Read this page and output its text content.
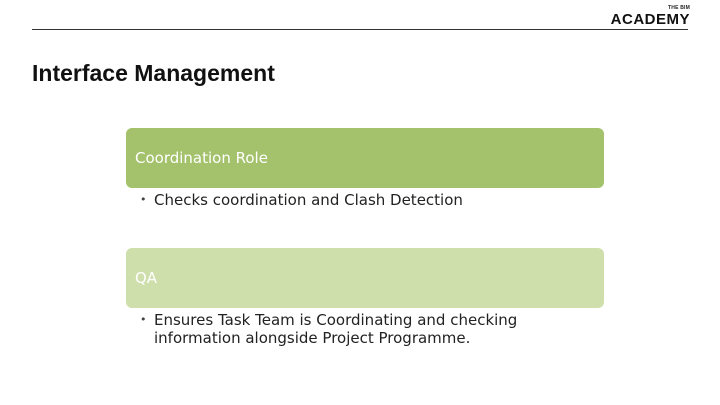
THE BIM
ACADEMY
Interface Management
Coordination Role
• Checks coordination and Clash Detection
QA
• Ensures Task Team is Coordinating and checking information alongside Project Programme.
